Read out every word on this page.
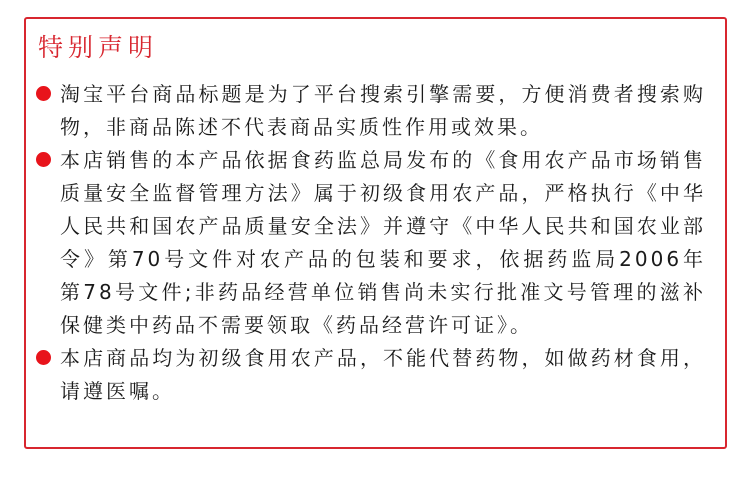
特别声明

淘宝平台商品标题是为了平台搜索引擎需要，方便消费者搜索购物，非商品陈述不代表商品实质性作用或效果。

本店销售的本产品依据食药监总局发布的《食用农产品市场销售质量安全监督管理方法》属于初级食用农产品，严格执行《中华人民共和国农产品质量安全法》并遵守《中华人民共和国农业部令》第70号文件对农产品的包装和要求，依据药监局2006年 第78号文件;非药品经营单位销售尚未实行批准文号管理的滋补保健类中药品不需要领取《药品经营许可证》。

本店商品均为初级食用农产品，不能代替药物，如做药材食用，请遵医嘱。
